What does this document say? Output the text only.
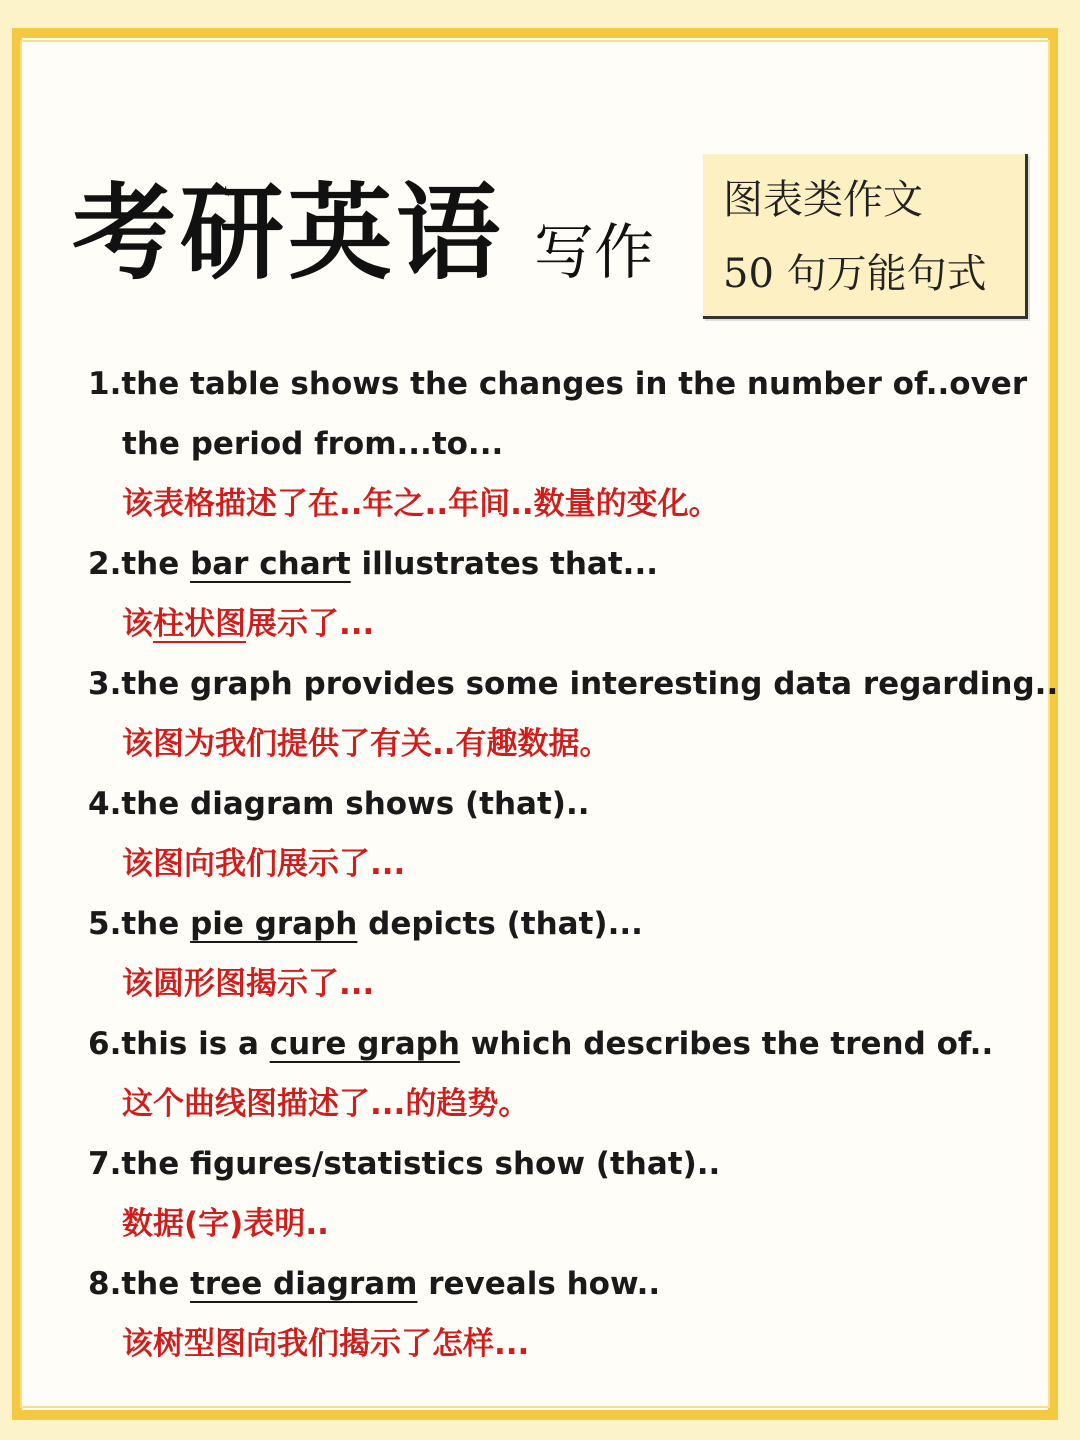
考研英语 写作
图表类作文
50 句万能句式
1.the table shows the changes in the number of..over
the period from...to...
该表格描述了在..年之..年间..数量的变化。
2.the bar chart illustrates that...
该柱状图展示了...
3.the graph provides some interesting data regarding..
该图为我们提供了有关..有趣数据。
4.the diagram shows (that)..
该图向我们展示了...
5.the pie graph depicts (that)...
该圆形图揭示了...
6.this is a cure graph which describes the trend of..
这个曲线图描述了...的趋势。
7.the figures/statistics show (that)..
数据(字)表明..
8.the tree diagram reveals how..
该树型图向我们揭示了怎样...
